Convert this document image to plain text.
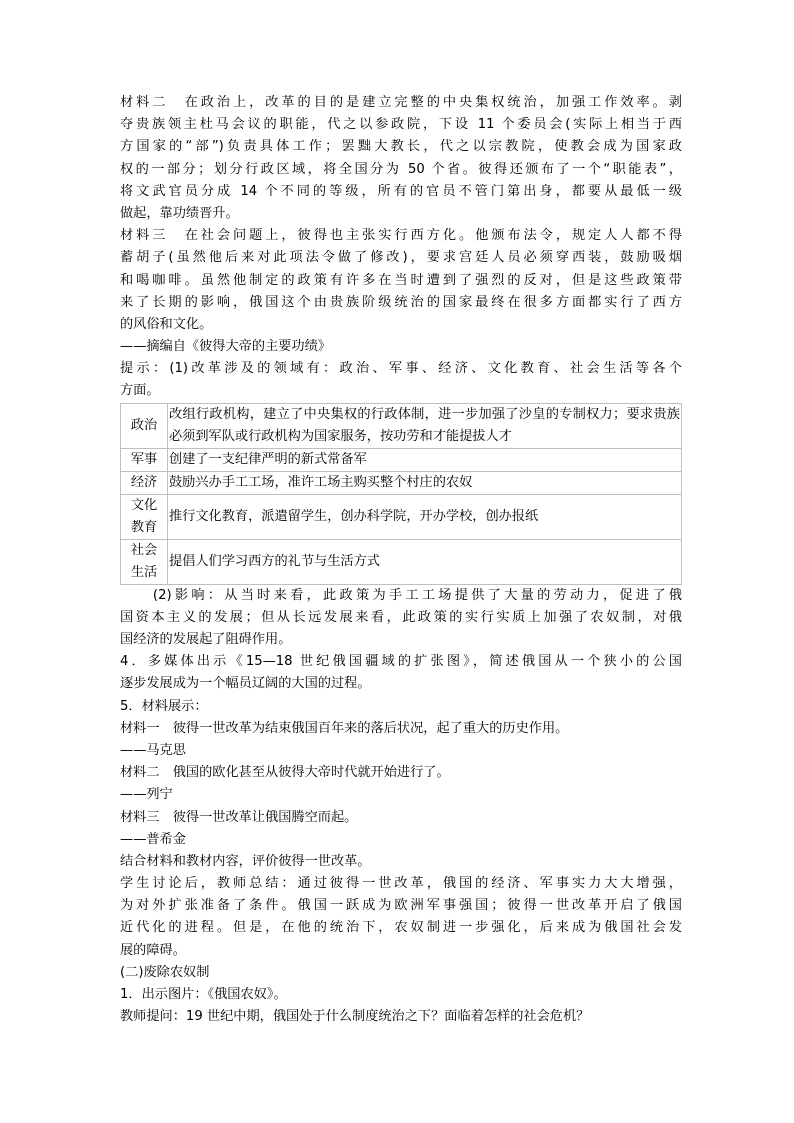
材料二　在政治上，改革的目的是建立完整的中央集权统治，加强工作效率。剥
夺贵族领主杜马会议的职能，代之以参政院，下设 11 个委员会(实际上相当于西
方国家的“部”)负责具体工作；罢黜大教长，代之以宗教院，使教会成为国家政
权的一部分；划分行政区域，将全国分为 50 个省。彼得还颁布了一个“职能表”，
将文武官员分成 14 个不同的等级，所有的官员不管门第出身，都要从最低一级
做起，靠功绩晋升。
材料三　在社会问题上，彼得也主张实行西方化。他颁布法令，规定人人都不得
蓄胡子(虽然他后来对此项法令做了修改)，要求宫廷人员必须穿西装，鼓励吸烟
和喝咖啡。虽然他制定的政策有许多在当时遭到了强烈的反对，但是这些政策带
来了长期的影响，俄国这个由贵族阶级统治的国家最终在很多方面都实行了西方
的风俗和文化。
——摘编自《彼得大帝的主要功绩》
提示：(1)改革涉及的领域有：政治、军事、经济、文化教育、社会生活等各个
方面。
政治	改组行政机构，建立了中央集权的行政体制，进一步加强了沙皇的专制权力；要求贵族必须到军队或行政机构为国家服务，按功劳和才能提拔人才
军事	创建了一支纪律严明的新式常备军
经济	鼓励兴办手工工场，准许工场主购买整个村庄的农奴
文化
教育	推行文化教育，派遣留学生，创办科学院，开办学校，创办报纸
社会
生活	提倡人们学习西方的礼节与生活方式
　　(2)影响：从当时来看，此政策为手工工场提供了大量的劳动力，促进了俄
国资本主义的发展；但从长远发展来看，此政策的实行实质上加强了农奴制，对俄
国经济的发展起了阻碍作用。
4．多媒体出示《15—18 世纪俄国疆域的扩张图》，简述俄国从一个狭小的公国
逐步发展成为一个幅员辽阔的大国的过程。
5．材料展示：
材料一　彼得一世改革为结束俄国百年来的落后状况，起了重大的历史作用。
——马克思
材料二　俄国的欧化甚至从彼得大帝时代就开始进行了。
——列宁
材料三　彼得一世改革让俄国腾空而起。
——普希金
结合材料和教材内容，评价彼得一世改革。
学生讨论后，教师总结：通过彼得一世改革，俄国的经济、军事实力大大增强，
为对外扩张准备了条件。俄国一跃成为欧洲军事强国；彼得一世改革开启了俄国
近代化的进程。但是，在他的统治下，农奴制进一步强化，后来成为俄国社会发
展的障碍。
(二)废除农奴制
1．出示图片：《俄国农奴》。
教师提问：19 世纪中期，俄国处于什么制度统治之下？面临着怎样的社会危机？
